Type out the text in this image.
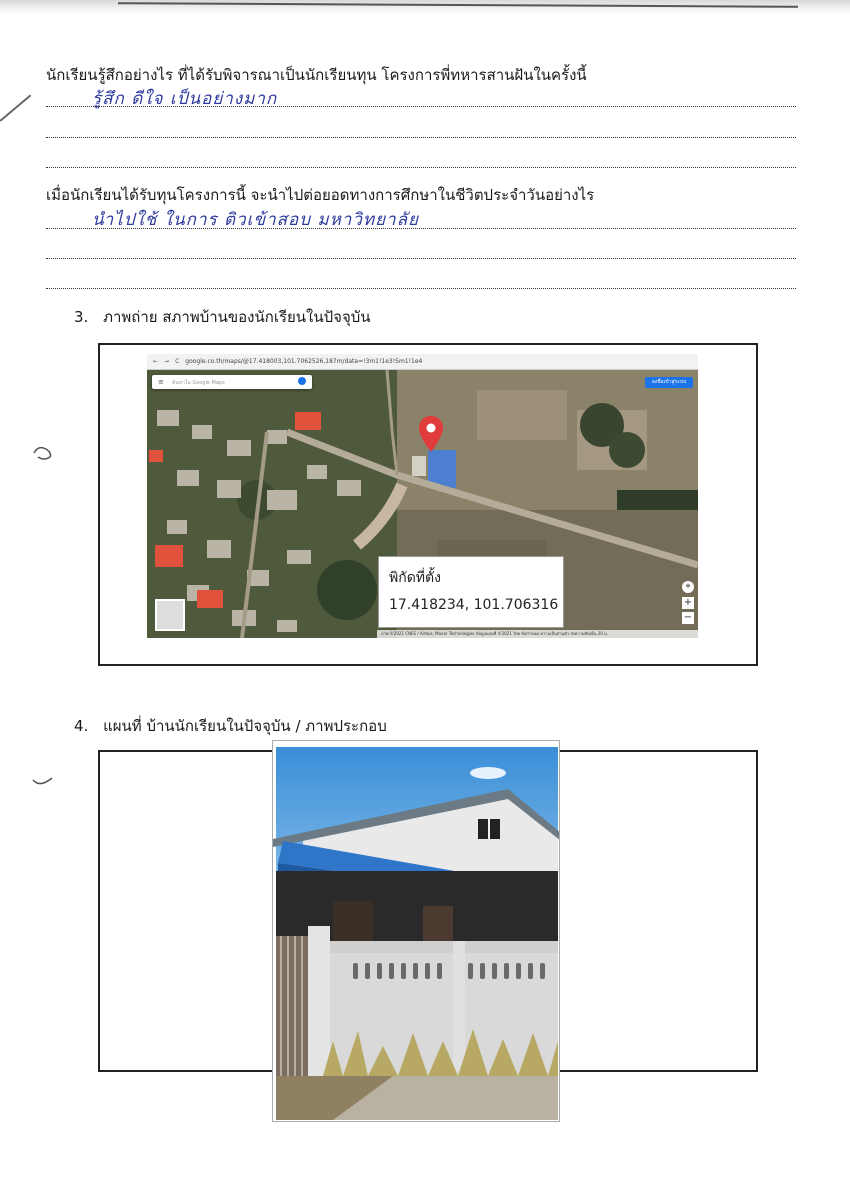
นักเรียนรู้สึกอย่างไร ที่ได้รับพิจารณาเป็นนักเรียนทุน โครงการพี่ทหารสานฝันในครั้งนี้
รู้สึก ดีใจ เป็นอย่างมาก
เมื่อนักเรียนได้รับทุนโครงการนี้ จะนำไปต่อยอดทางการศึกษาในชีวิตประจำวันอย่างไร
นำไปใช้ ในการ ติวเข้าสอบ มหาวิทยาลัย
3. ภาพถ่าย สภาพบ้านของนักเรียนในปัจจุบัน
← → C google.co.th/maps/@17.418003,101.7062526,187m/data=!3m1!1e3!5m1!1e4
≡ ค้นหาใน Google Maps	ลงชื่อเข้าสู่ระบบ
⌖
+
−
ภาพ ©2021 CNES / Airbus, Maxar Technologies ข้อมูลแผนที่ ©2021 ไทย ข้อกำหนด ความเป็นส่วนตัว ส่งความคิดเห็น 20 ม.
พิกัดที่ตั้ง
17.418234, 101.706316
4. แผนที่ บ้านนักเรียนในปัจจุบัน / ภาพประกอบ
